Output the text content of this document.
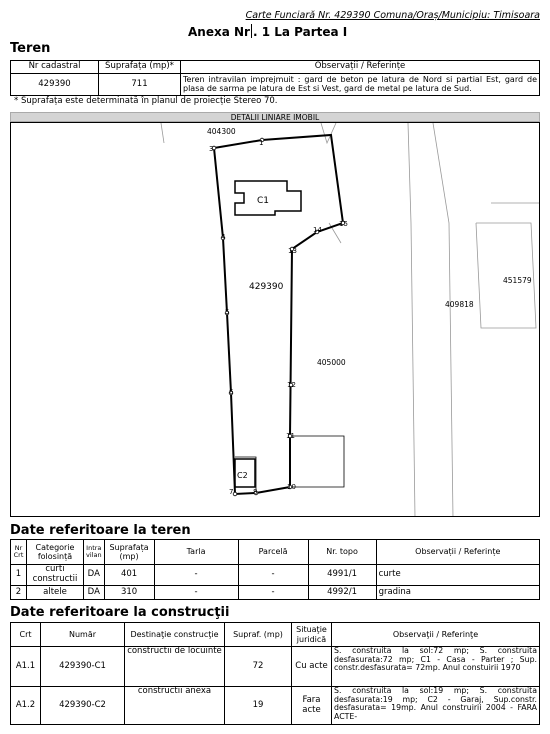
Carte Funciară Nr. 429390 Comuna/Oraș/Municipiu: Timisoara
Anexa Nr . 1 La Partea I
Teren
Nr cadastral	Suprafața (mp)*	Observații / Referințe
429390	711	Teren intravilan imprejmuit : gard de beton pe latura de Nord si partial Est, gard de plasa de sarma pe latura de Est si Vest, gard de metal pe latura de Sud.
* Suprafața este determinată în planul de proiecție Stereo 70.
DETALII LINIARE IMOBIL
1
3
4
5
6
7	8
10
11
12
13
14
15
404300
405000
409818
451579
429390
C1
C2
Date referitoare la teren
Nr Crt	Categorie folosință	Intra vilan	Suprafața (mp)	Tarla	Parcelă	Nr. topo	Observații / Referințe
1	curti constructii	DA	401	-	-	4991/1	curte
2	altele	DA	310	-	-	4992/1	gradina
Date referitoare la construcţii
Crt	Număr	Destinaţie construcţie	Supraf. (mp)	Situaţie juridică	Observaţii / Referinţe
A1.1	429390-C1	constructii de locuinte	72	Cu acte	S. construita la sol:72 mp; S. construita desfasurata:72 mp; C1 - Casa - Parter ; Sup. constr.desfasurata= 72mp. Anul constuirii 1970
A1.2	429390-C2	constructii anexa	19	Fara acte	S. construita la sol:19 mp; S. construita desfasurata:19 mp; C2 - Garaj, Sup.constr. desfasurata= 19mp. Anul construirii 2004 - FARA ACTE-
